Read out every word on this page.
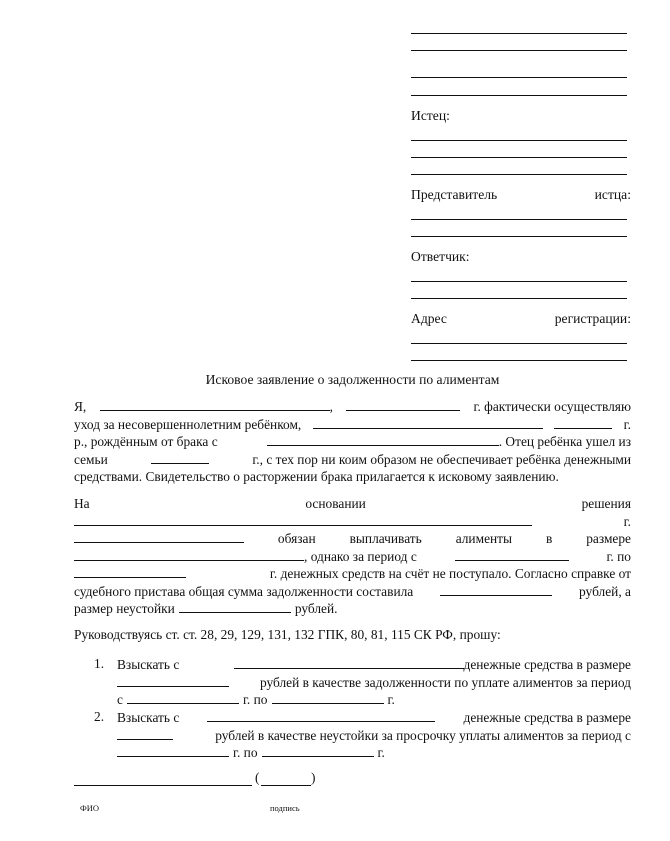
Истец:
Представитель	истца:
Ответчик:
Адрес	регистрации:
Исковое заявление о задолженности по алиментам
Я,	,	г. фактически осуществляю
уход за несовершеннолетним ребёнком,	г.
р., рождённым от брака с	. Отец ребёнка ушел из
семьи	г., с тех пор ни коим образом не обеспечивает ребёнка денежными
средствами. Свидетельство о расторжении брака прилагается к исковому заявлению.
На	основании	решения
г.
обязан	выплачивать	алименты	в	размере
, однако за период с	г. по
г. денежных средств на счёт не поступало. Согласно справке от
судебного пристава общая сумма задолженности составила	рублей, а
размер неустойки	рублей.
Руководствуясь ст. ст. 28, 29, 129, 131, 132 ГПК, 80, 81, 115 СК РФ, прошу:
1. Взыскать с	денежные средства в размере
рублей в качестве задолженности по уплате алиментов за период
с	г. по	г.
2. Взыскать с	денежные средства в размере
рублей в качестве неустойки за просрочку уплаты алиментов за период с
г. по	г.
(	)
ФИО	подпись
